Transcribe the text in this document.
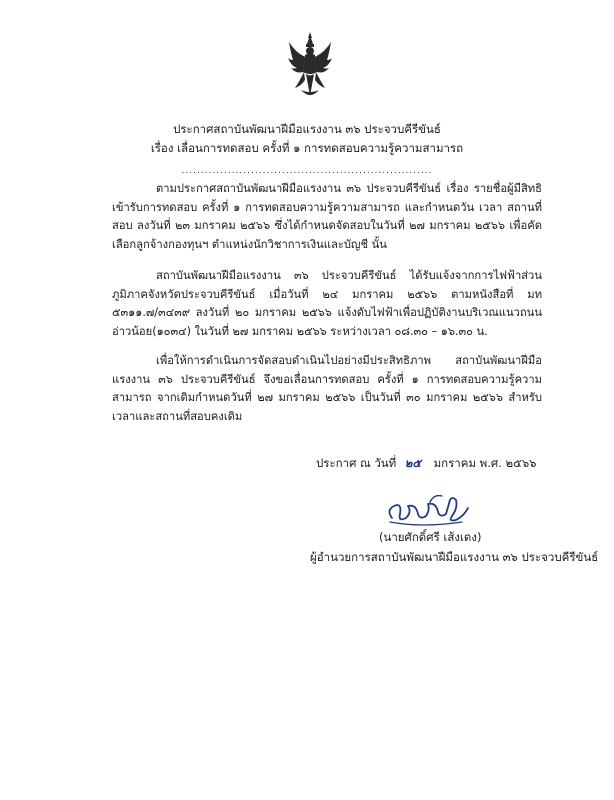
ประกาศสถาบันพัฒนาฝีมือแรงงาน ๓๖ ประจวบคีรีขันธ์
เรื่อง เลื่อนการทดสอบ ครั้งที่ ๑ การทดสอบความรู้ความสามารถ
.................................................................
ตามประกาศสถาบันพัฒนาฝีมือแรงงาน ๓๖ ประจวบคีรีขันธ์ เรื่อง รายชื่อผู้มีสิทธิเข้ารับการทดสอบ ครั้งที่ ๑ การทดสอบความรู้ความสามารถ และกำหนดวัน เวลา สถานที่สอบ ลงวันที่ ๒๓ มกราคม ๒๕๖๖ ซึ่งได้กำหนดจัดสอบในวันที่ ๒๗ มกราคม ๒๕๖๖ เพื่อคัดเลือกลูกจ้างกองทุนฯ ตำแหน่งนักวิชาการเงินและบัญชี นั้น
สถาบันพัฒนาฝีมือแรงงาน ๓๖ ประจวบคีรีขันธ์ ได้รับแจ้งจากการไฟฟ้าส่วนภูมิภาคจังหวัดประจวบคีรีขันธ์ เมื่อวันที่ ๒๔ มกราคม ๒๕๖๖ ตามหนังสือที่ มท ๕๓๑๑.๗/๓๔๓๙ ลงวันที่ ๒๐ มกราคม ๒๕๖๖ แจ้งดับไฟฟ้าเพื่อปฏิบัติงานบริเวณแนวถนนอ่าวน้อย(๑๐๓๔) ในวันที่ ๒๗ มกราคม ๒๕๖๖ ระหว่างเวลา ๐๘.๓๐ – ๑๖.๓๐ น.
เพื่อให้การดำเนินการจัดสอบดำเนินไปอย่างมีประสิทธิภาพ สถาบันพัฒนาฝีมือแรงงาน ๓๖ ประจวบคีรีขันธ์ จึงขอเลื่อนการทดสอบ ครั้งที่ ๑ การทดสอบความรู้ความสามารถ จากเดิมกำหนดวันที่ ๒๗ มกราคม ๒๕๖๖ เป็นวันที่ ๓๐ มกราคม ๒๕๖๖ สำหรับเวลาและสถานที่สอบคงเดิม
ประกาศ ณ วันที่ ๒๕ มกราคม พ.ศ. ๒๕๖๖
(นายศักดิ์ศรี เส้งเดง)
ผู้อำนวยการสถาบันพัฒนาฝีมือแรงงาน ๓๖ ประจวบคีรีขันธ์
